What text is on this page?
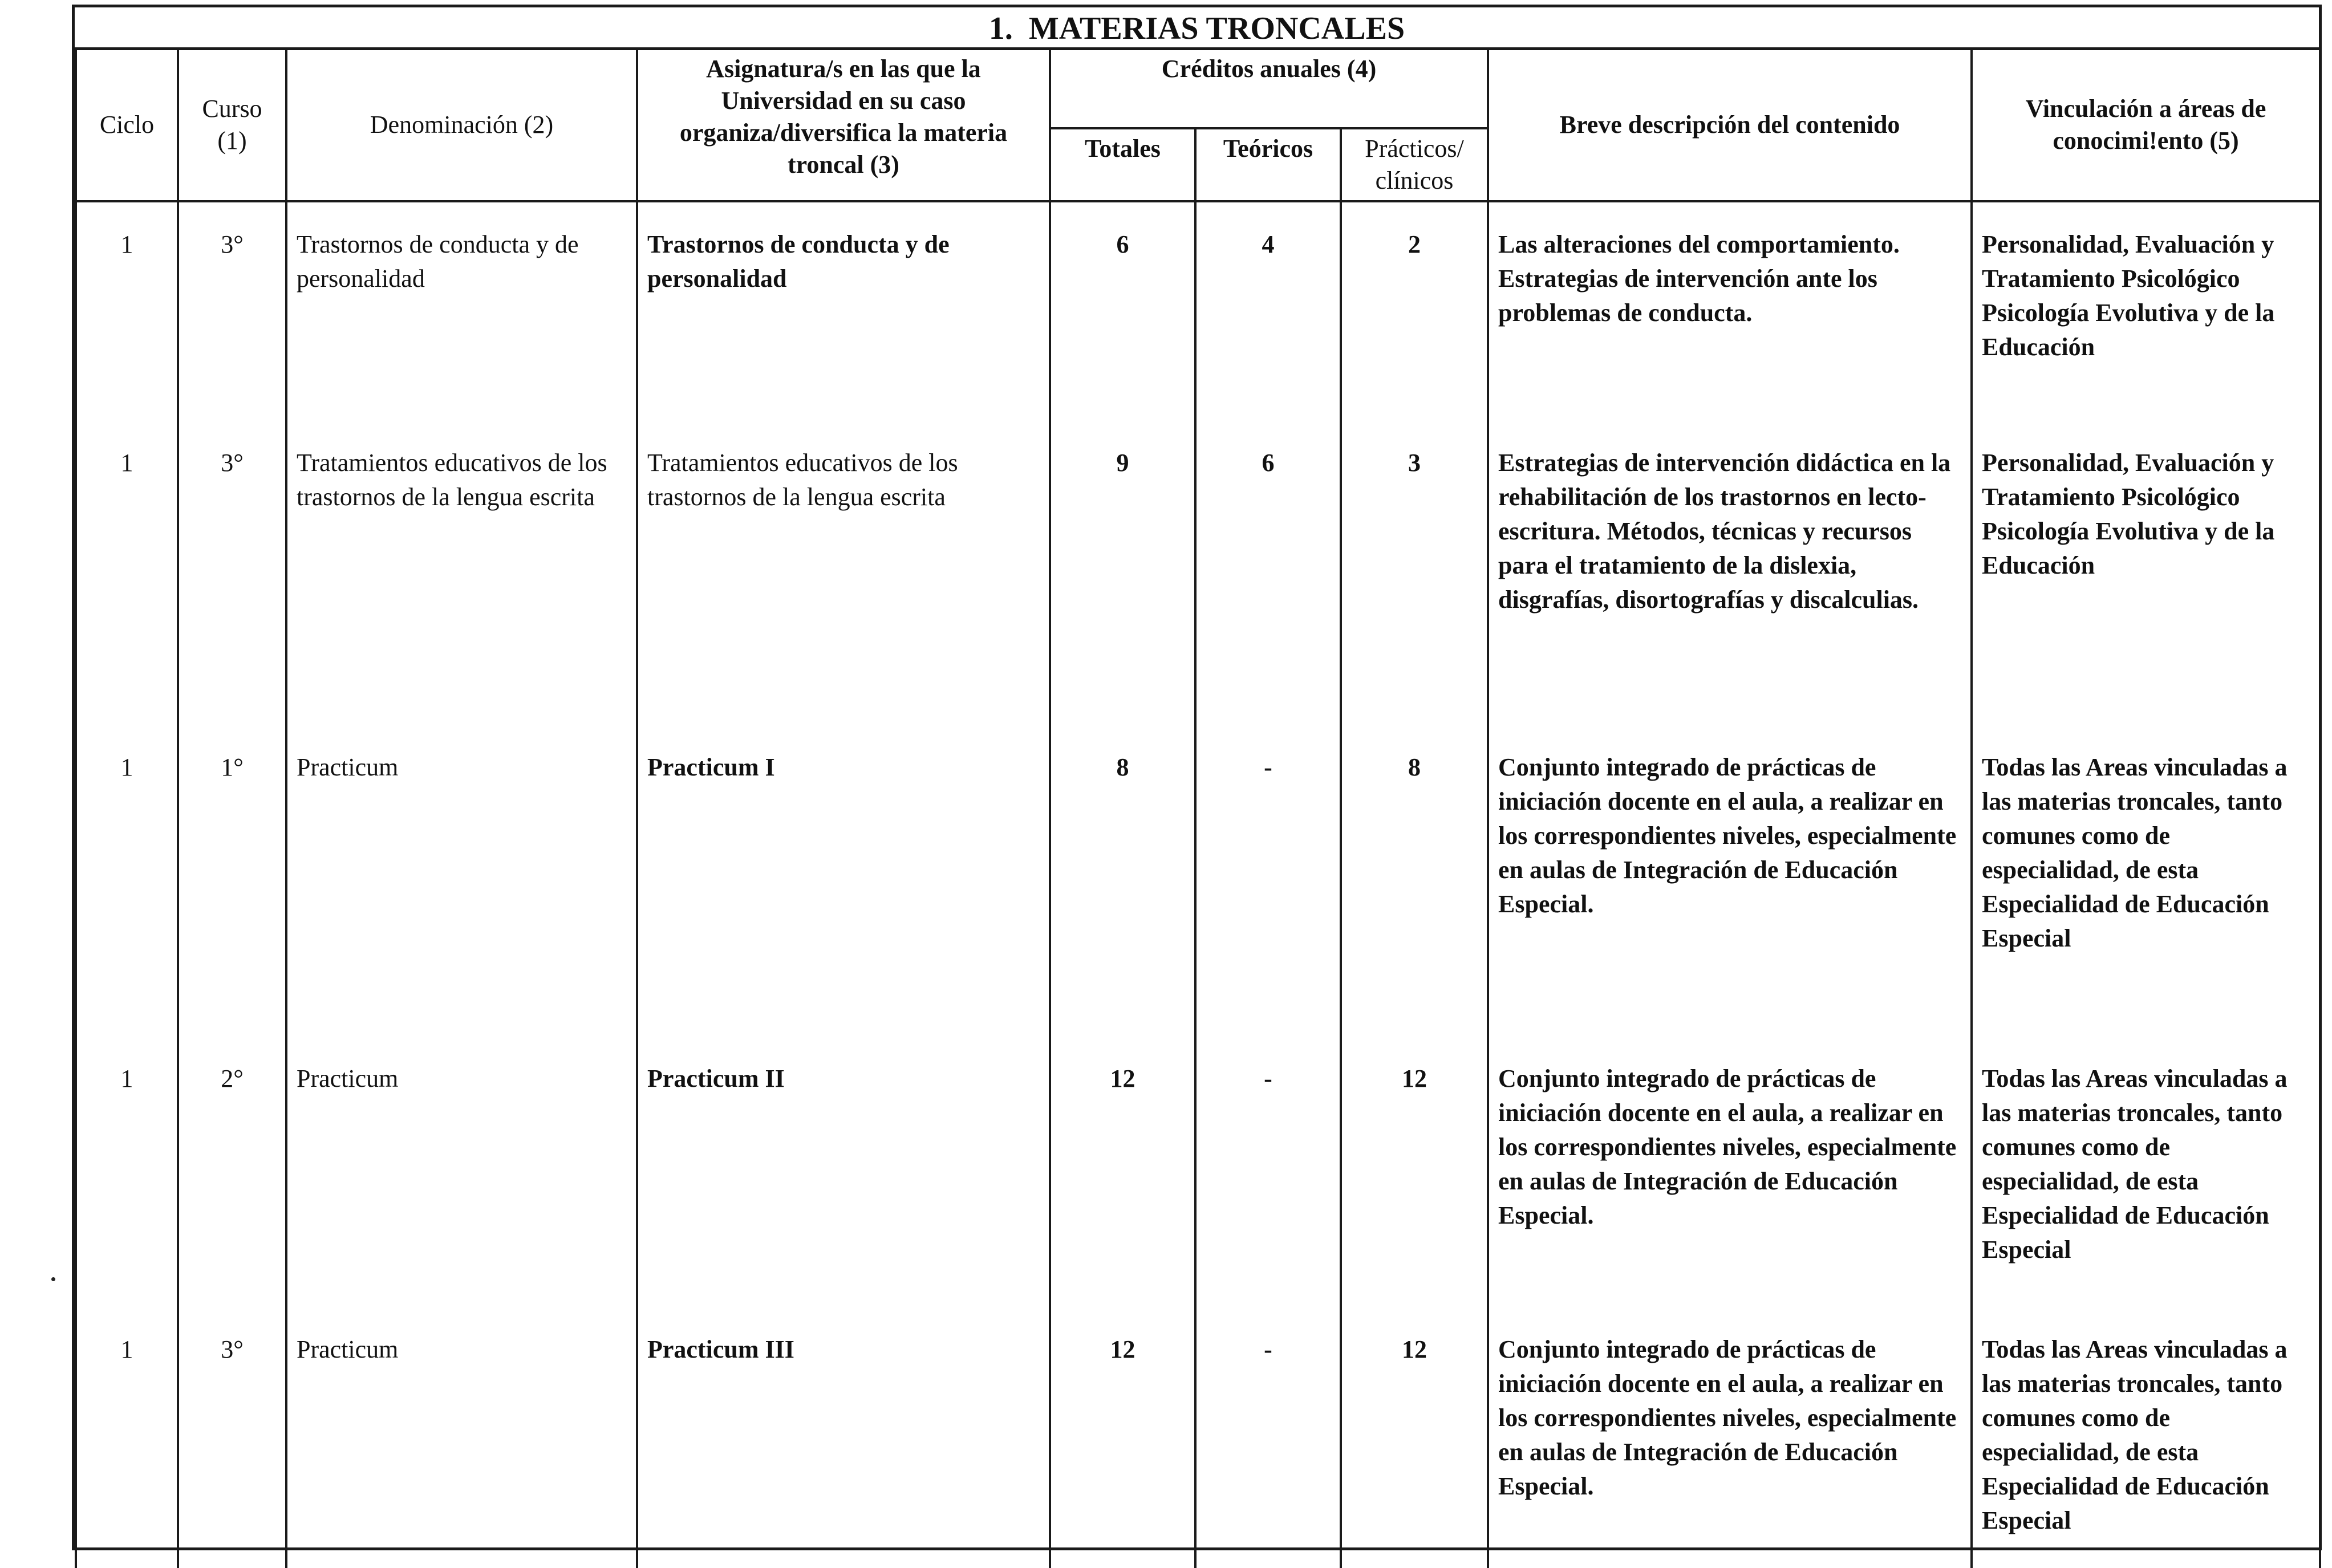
1. MATERIAS TRONCALES
Ciclo	Curso (1)	Denominación (2)	Asignatura/s en las que la Universidad en su caso organiza/diversifica la materia troncal (3)	Créditos anuales (4)			Breve descripción del contenido	Vinculación a áreas de conocimi!ento (5)
				Totales	Teóricos	Prácticos/ clínicos		
1	3°	Trastornos de conducta y de personalidad	Trastornos de conducta y de personalidad	6	4	2	Las alteraciones del comportamiento. Estrategias de intervención ante los problemas de conducta.	Personalidad, Evaluación y Tratamiento Psicológico Psicología Evolutiva y de la Educación
1	3°	Tratamientos educativos de los trastornos de la lengua escrita	Tratamientos educativos de los trastornos de la lengua escrita	9	6	3	Estrategias de intervención didáctica en la rehabilitación de los trastornos en lecto-escritura. Métodos, técnicas y recursos para el tratamiento de la dislexia, disgrafías, disortografías y discalculias.	Personalidad, Evaluación y Tratamiento Psicológico Psicología Evolutiva y de la Educación
1	1°	Practicum	Practicum I	8	-	8	Conjunto integrado de prácticas de iniciación docente en el aula, a realizar en los correspondientes niveles, especialmente en aulas de Integración de Educación Especial.	Todas las Areas vinculadas a las materias troncales, tanto comunes como de especialidad, de esta Especialidad de Educación Especial
1	2°	Practicum	Practicum II	12	-	12	Conjunto integrado de prácticas de iniciación docente en el aula, a realizar en los correspondientes niveles, especialmente en aulas de Integración de Educación Especial.	Todas las Areas vinculadas a las materias troncales, tanto comunes como de especialidad, de esta Especialidad de Educación Especial
1	3°	Practicum	Practicum III	12	-	12	Conjunto integrado de prácticas de iniciación docente en el aula, a realizar en los correspondientes niveles, especialmente en aulas de Integración de Educación Especial.	Todas las Areas vinculadas a las materias troncales, tanto comunes como de especialidad, de esta Especialidad de Educación Especial
